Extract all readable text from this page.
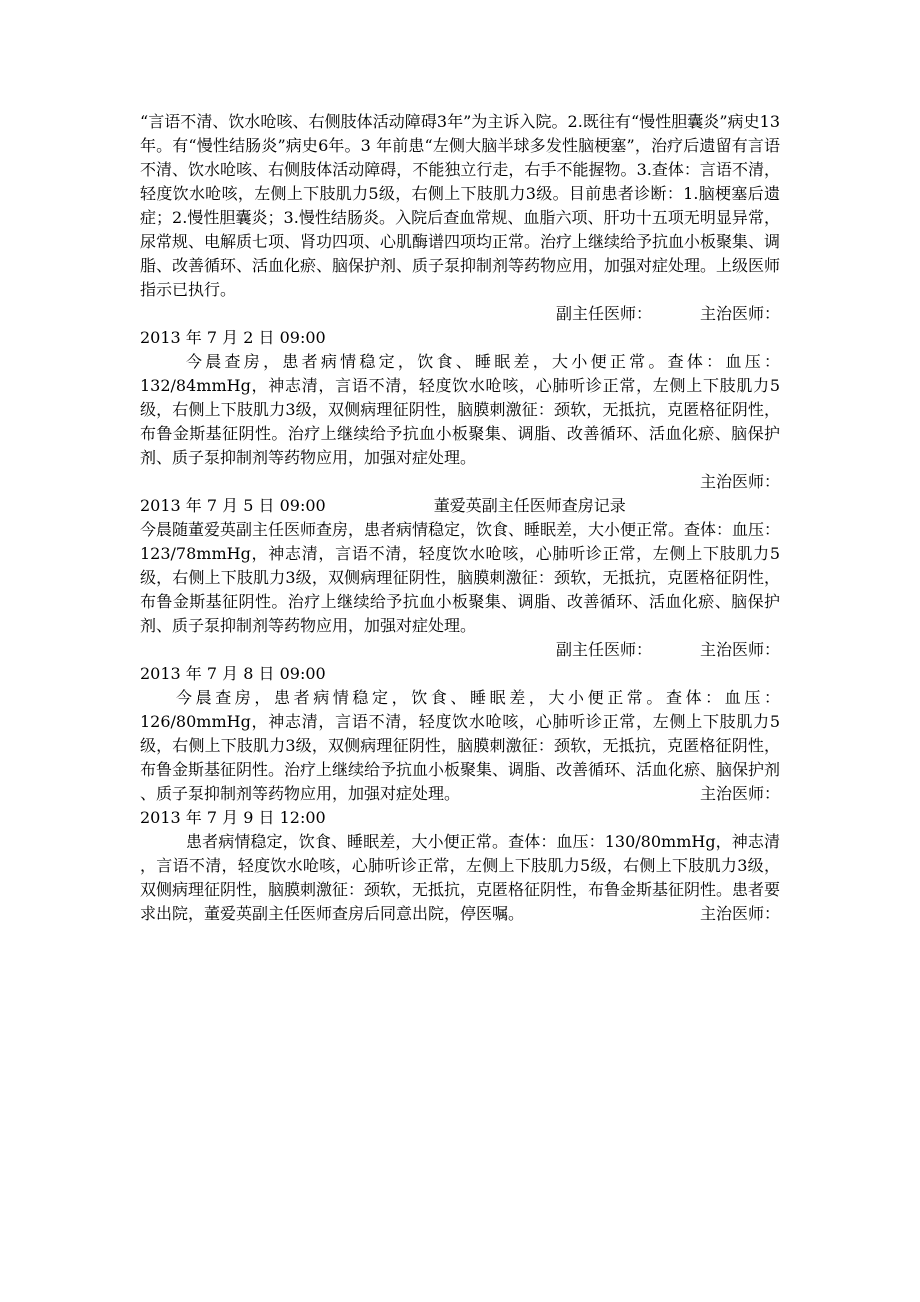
“言语不清、饮水呛咳、右侧肢体活动障碍3年”为主诉入院。2.既往有“慢性胆囊炎”病史13年。有“慢性结肠炎”病史6年。3 年前患“左侧大脑半球多发性脑梗塞”，治疗后遗留有言语不清、饮水呛咳、右侧肢体活动障碍，不能独立行走，右手不能握物。3.查体：言语不清，轻度饮水呛咳，左侧上下肢肌力5级，右侧上下肢肌力3级。目前患者诊断：1.脑梗塞后遗症；2.慢性胆囊炎；3.慢性结肠炎。入院后查血常规、血脂六项、肝功十五项无明显异常，尿常规、电解质七项、肾功四项、心肌酶谱四项均正常。治疗上继续给予抗血小板聚集、调脂、改善循环、活血化瘀、脑保护剂、质子泵抑制剂等药物应用，加强对症处理。上级医师指示已执行。

副主任医师：	主治医师：

2013 年 7 月 2 日 09:00

今晨查房，患者病情稳定，饮食、睡眠差，大小便正常。查体：血压：132/84mmHg，神志清，言语不清，轻度饮水呛咳，心肺听诊正常，左侧上下肢肌力5级，右侧上下肢肌力3级，双侧病理征阴性，脑膜刺激征：颈软，无抵抗，克匿格征阴性，布鲁金斯基征阴性。治疗上继续给予抗血小板聚集、调脂、改善循环、活血化瘀、脑保护剂、质子泵抑制剂等药物应用，加强对症处理。

主治医师：

2013 年 7 月 5 日 09:00	董爱英副主任医师查房记录

今晨随董爱英副主任医师查房，患者病情稳定，饮食、睡眠差，大小便正常。查体：血压：123/78mmHg，神志清，言语不清，轻度饮水呛咳，心肺听诊正常，左侧上下肢肌力5级，右侧上下肢肌力3级，双侧病理征阴性，脑膜刺激征：颈软，无抵抗，克匿格征阴性，布鲁金斯基征阴性。治疗上继续给予抗血小板聚集、调脂、改善循环、活血化瘀、脑保护剂、质子泵抑制剂等药物应用，加强对症处理。

副主任医师：	主治医师：

2013 年 7 月 8 日 09:00

今晨查房，患者病情稳定，饮食、睡眠差，大小便正常。查体：血压：126/80mmHg，神志清，言语不清，轻度饮水呛咳，心肺听诊正常，左侧上下肢肌力5级，右侧上下肢肌力3级，双侧病理征阴性，脑膜刺激征：颈软，无抵抗，克匿格征阴性，布鲁金斯基征阴性。治疗上继续给予抗血小板聚集、调脂、改善循环、活血化瘀、脑保护剂 、质子泵抑制剂等药物应用，加强对症处理。	主治医师：

2013 年 7 月 9 日 12:00

患者病情稳定，饮食、睡眠差，大小便正常。查体：血压：130/80mmHg，神志清 ，言语不清，轻度饮水呛咳，心肺听诊正常，左侧上下肢肌力5级，右侧上下肢肌力3级，双侧病理征阴性，脑膜刺激征：颈软，无抵抗，克匿格征阴性，布鲁金斯基征阴性。患者要求出院，董爱英副主任医师查房后同意出院，停医嘱。	主治医师：
